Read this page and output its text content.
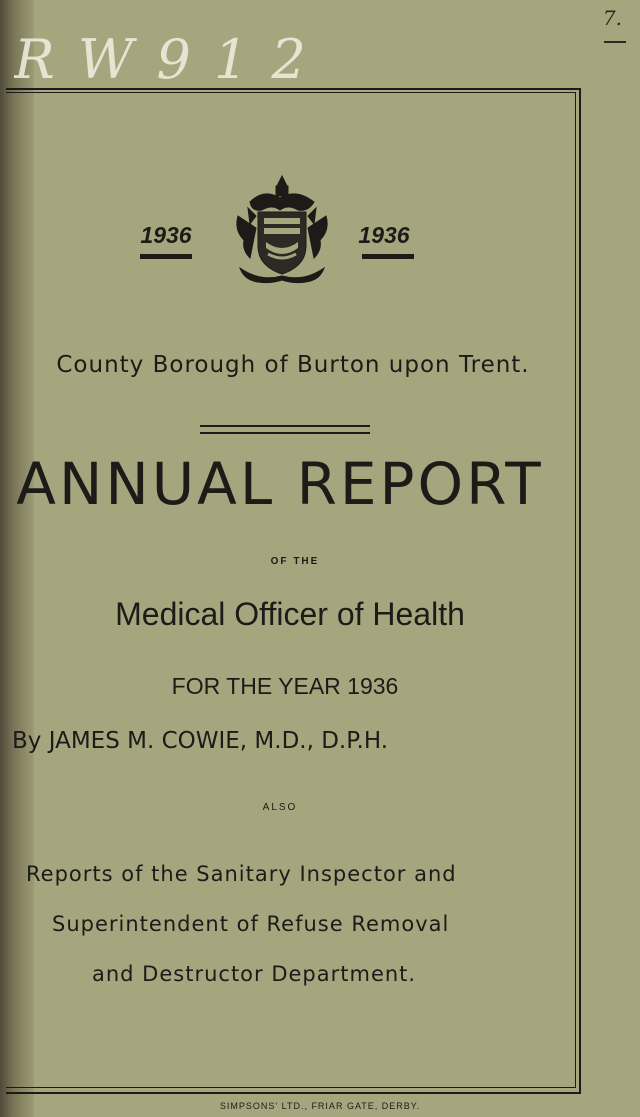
R W 9 1 2
7.
1936	1936
County Borough of Burton upon Trent.
ANNUAL REPORT
OF THE
Medical Officer of Health
FOR THE YEAR 1936
By JAMES M. COWIE, M.D., D.P.H.
ALSO
Reports of the Sanitary Inspector and
Superintendent of Refuse Removal
and Destructor Department.
SIMPSONS' LTD., FRIAR GATE, DERBY.
